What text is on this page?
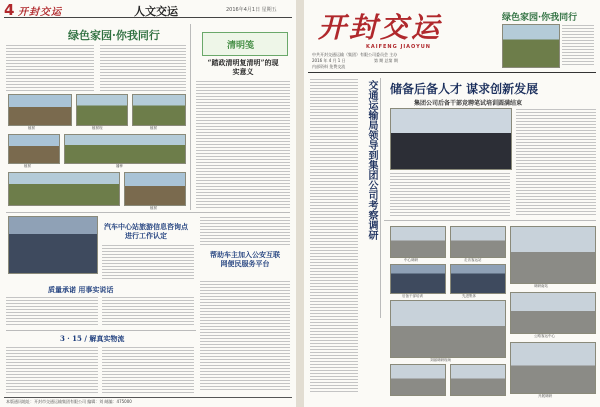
4 开封交运	人文交运	2016年4月1日 星期五
绿色家园·你我同行
植树	植树现	植树
植树	播种
植树
清明笺
“踏政清明复清明”的现实意义
汽车中心站旅游信息咨询点进行工作认定
帮助车主加入公安互联网便民服务平台
质量承诺 用事实说话
3 · 15 / 解真实物流
本版通讯地址：开封市交通运输集团有限公司 编辑：刘 邮编：475000
开封交运
KAIFENG JIAOYUN
中共开封交通运输（集团）有限公司委员会 主办
2016 年 4 月 1 日	第 期 总第 期
内部资料 免费交流
绿色家园·你我同行
交通运输局领导到集团公司考察调研 储备后备人才 谋求创新发展
集团公司后备干部竞聘笔试培训圆满结束
中心调研	走访客运站
调研南站
后备干部培训	先进集体
刘丽调研现场
公路客运中心
开展调研
